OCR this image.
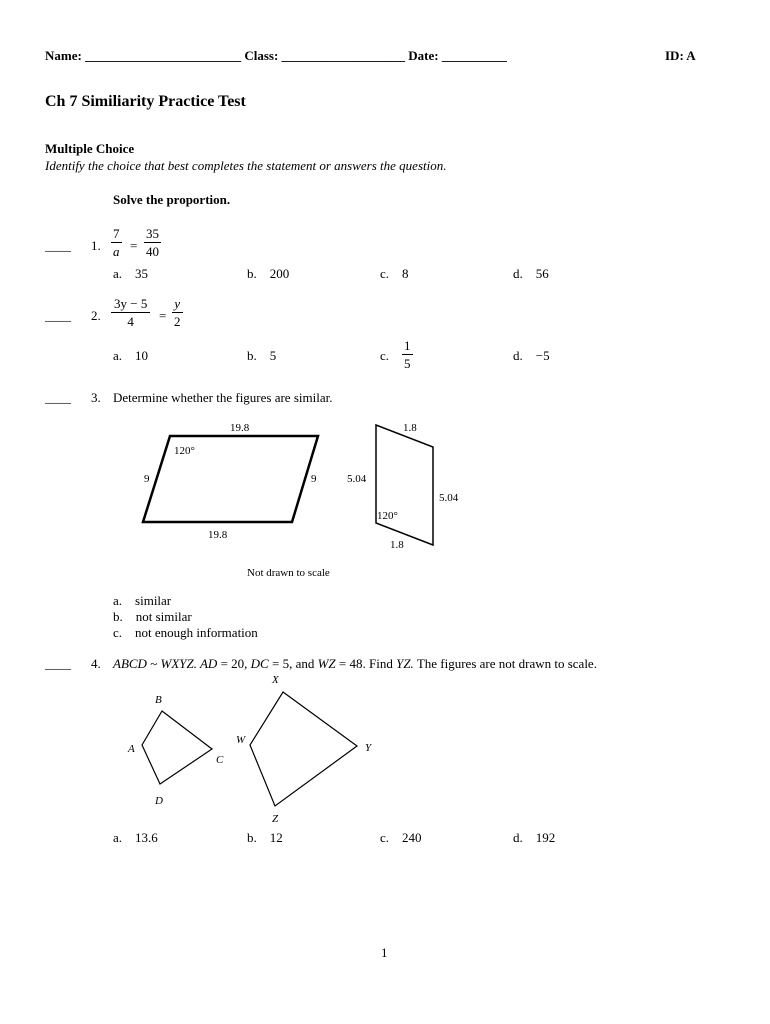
Name: ________________________ Class: ___________________ Date: __________	ID: A
Ch 7 Similiarity Practice Test
Multiple Choice
Identify the choice that best completes the statement or answers the question.
Solve the proportion.
____ 1. $\frac{7}{a} = \frac{35}{40}$
a. 35	b. 200	c. 8	d. 56
____ 2. $\frac{3y - 5}{4} = \frac{y}{2}$
a. 10	b. 5	c. $\frac{1}{5}$	d. −5
____ 3. Determine whether the figures are similar.
19.8
120°
9	9
19.8
1.8
5.04
5.04
120°
1.8
Not drawn to scale
B
A
C
D
X
W
Y
Z
a. similar
b. not similar
c. not enough information
____ 4. ABCD ~ WXYZ. AD = 20, DC = 5, and WZ = 48. Find YZ. The figures are not drawn to scale.
a. 13.6	b. 12	c. 240	d. 192
1
